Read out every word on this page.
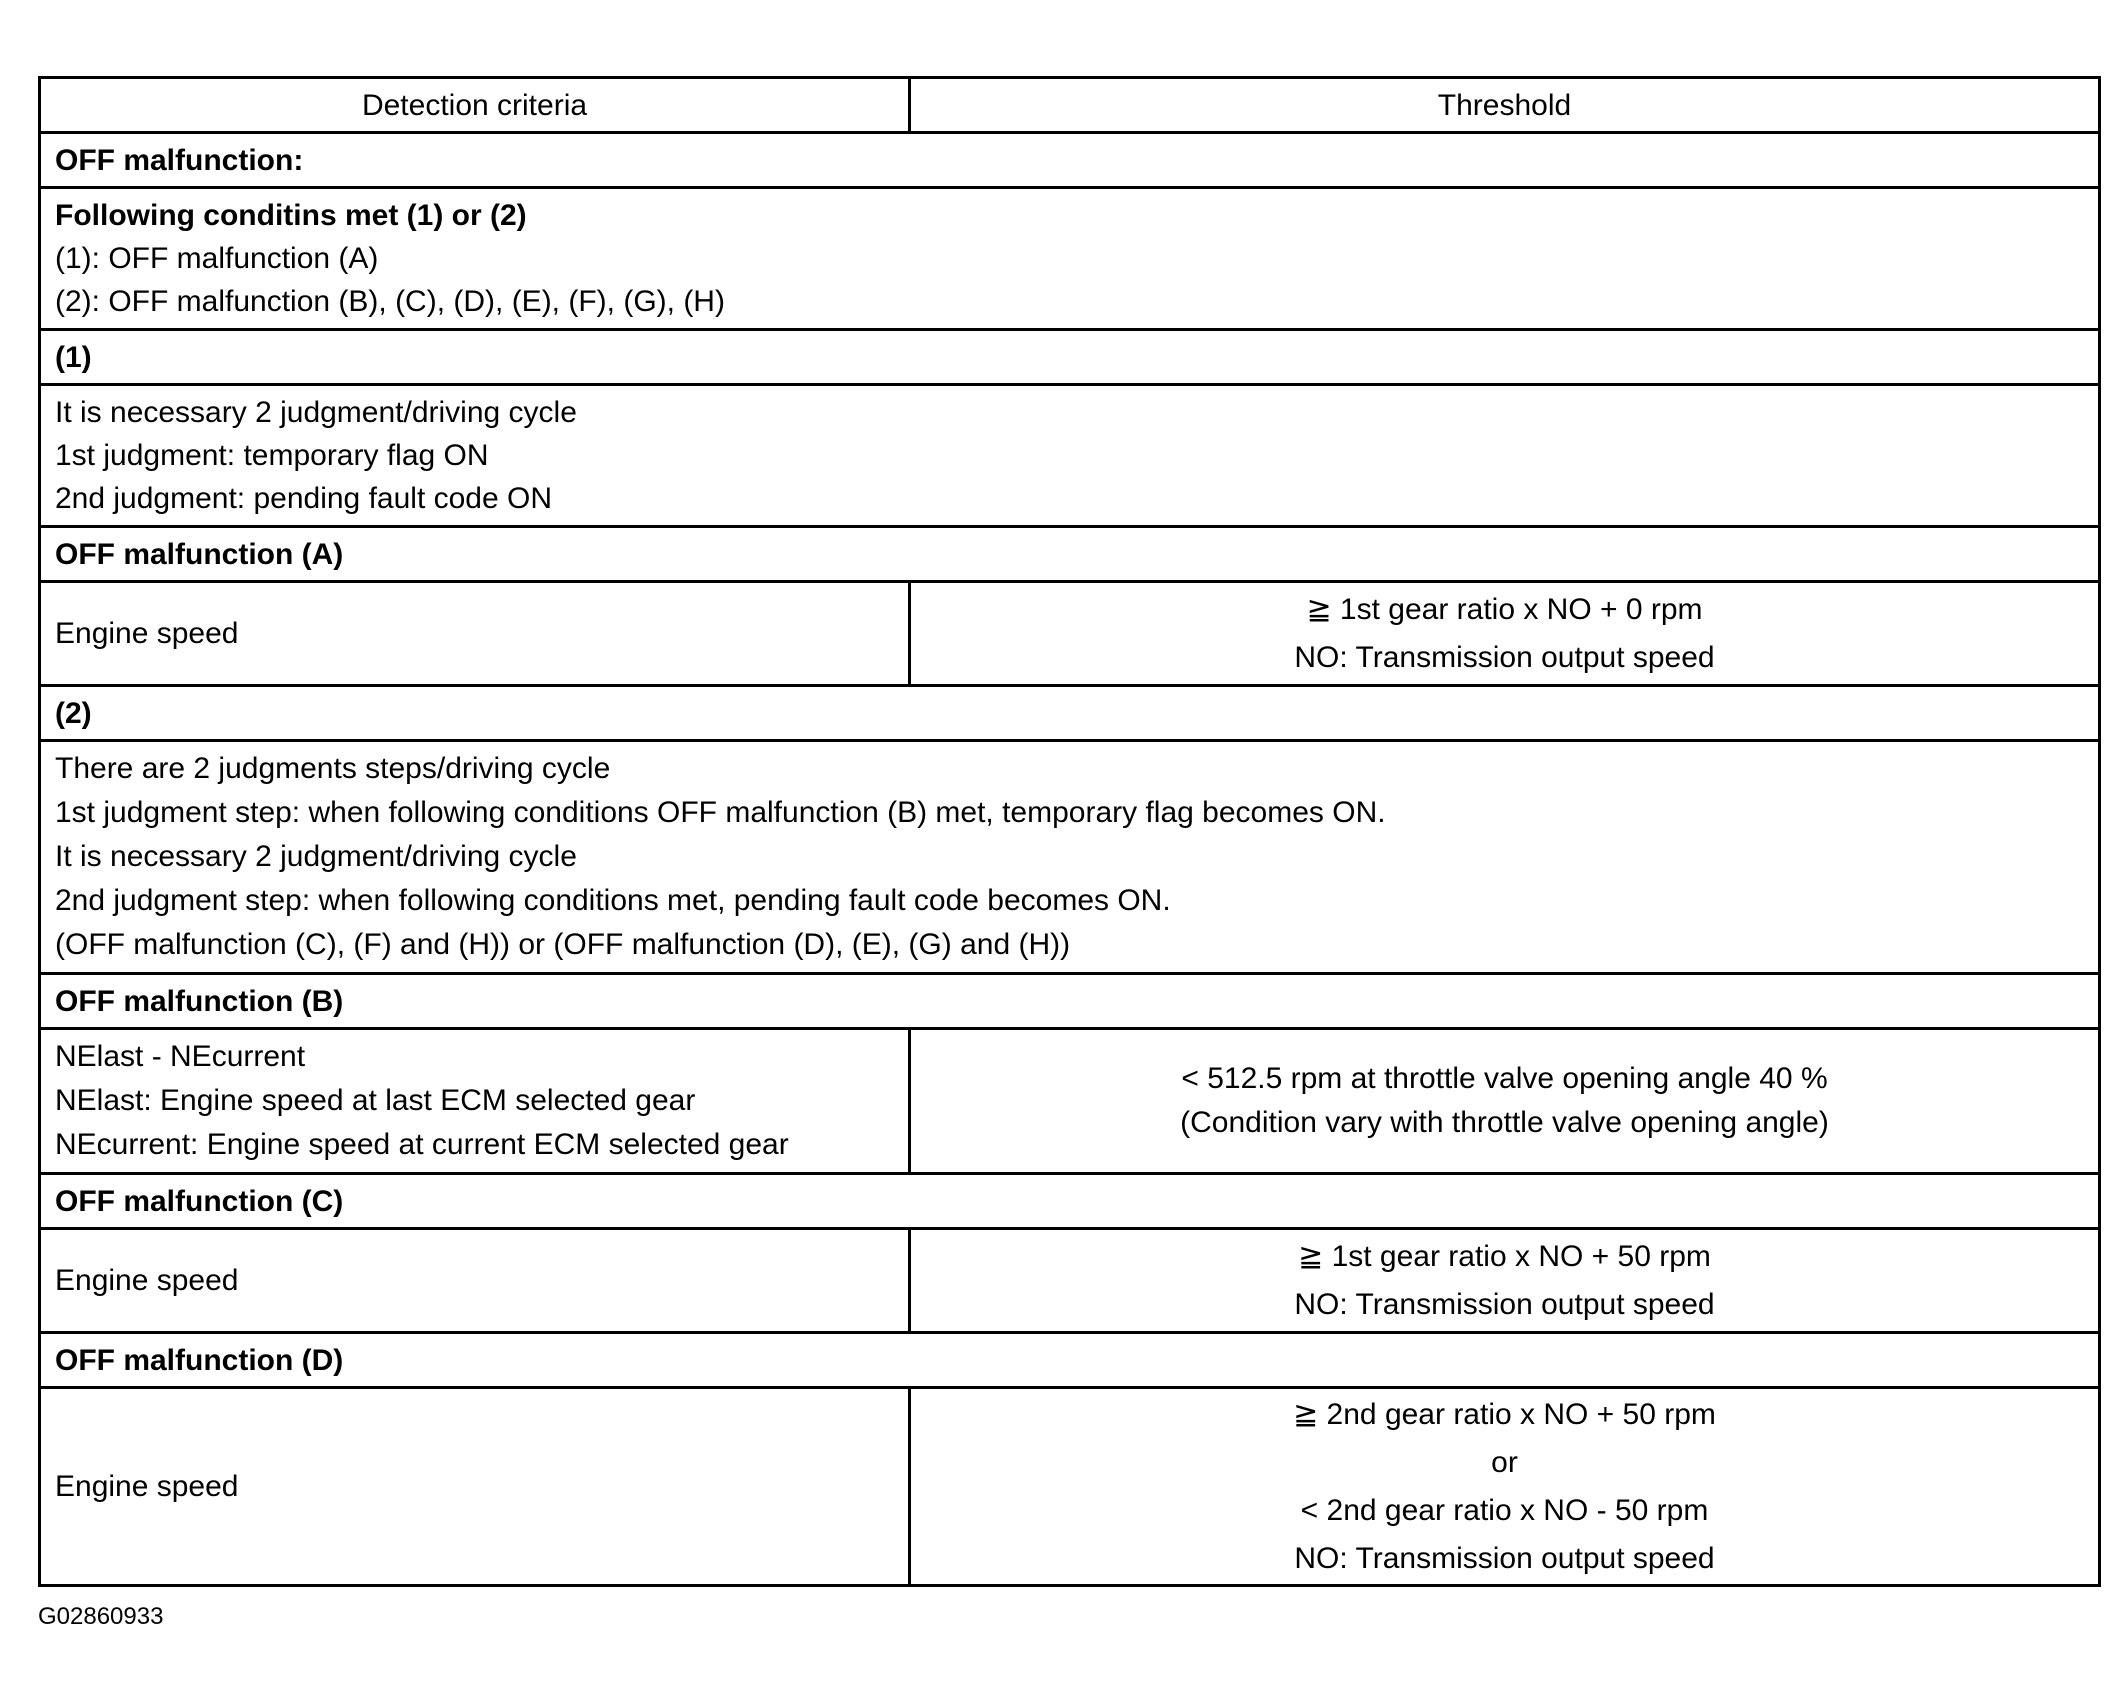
Detection criteria	Threshold
OFF malfunction:	

Following conditins met (1) or (2)
(1): OFF malfunction (A)
(2): OFF malfunction (B), (C), (D), (E), (F), (G), (H)	

(1)	

It is necessary 2 judgment/driving cycle
1st judgment: temporary flag ON
2nd judgment: pending fault code ON	

OFF malfunction (A)	
Engine speed	≧ 1st gear ratio x NO + 0 rpm
NO: Transmission output speed

(2)	

There are 2 judgments steps/driving cycle
1st judgment step: when following conditions OFF malfunction (B) met, temporary flag becomes ON.
It is necessary 2 judgment/driving cycle
2nd judgment step: when following conditions met, pending fault code becomes ON.
(OFF malfunction (C), (F) and (H)) or (OFF malfunction (D), (E), (G) and (H))	

OFF malfunction (B)	

NElast - NEcurrent
NElast: Engine speed at last ECM selected gear
NEcurrent: Engine speed at current ECM selected gear	< 512.5 rpm at throttle valve opening angle 40 %
(Condition vary with throttle valve opening angle)

OFF malfunction (C)	
Engine speed	≧ 1st gear ratio x NO + 50 rpm
NO: Transmission output speed

OFF malfunction (D)	
Engine speed	≧ 2nd gear ratio x NO + 50 rpm
or
< 2nd gear ratio x NO - 50 rpm
NO: Transmission output speed
G02860933
